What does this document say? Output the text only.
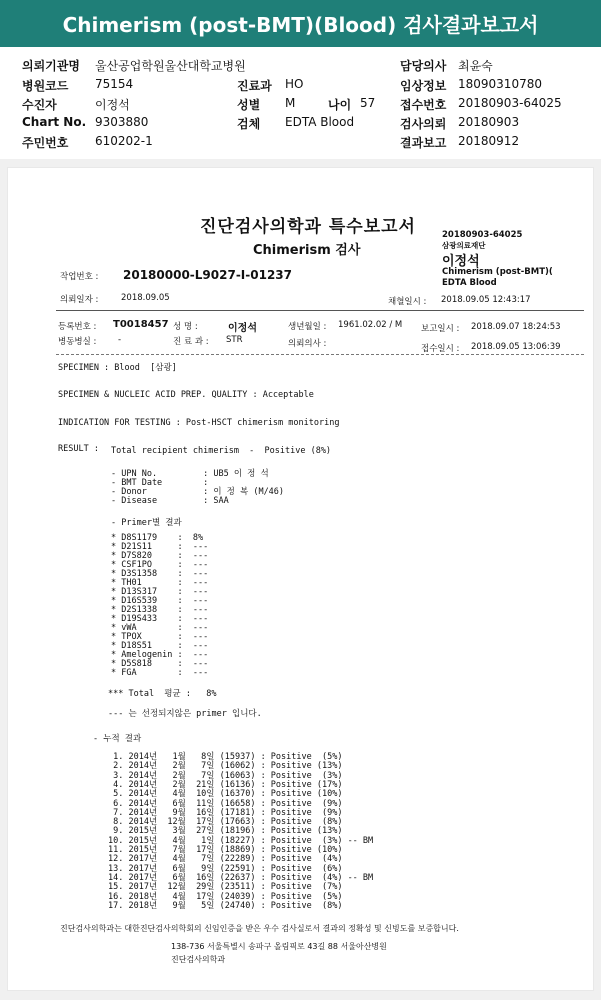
Chimerism (post-BMT)(Blood) 검사결과보고서
의뢰기관명 울산공업학원울산대학교병원
병원코드 75154
수진자	이정석
Chart No. 9303880
주민번호 610202-1
진료과 HO
성별 M	나이 57
검체 EDTA Blood
담당의사 최윤숙
임상정보 18090310780
접수번호 20180903-64025
검사의뢰 20180903
결과보고 20180912
진단검사의학과 특수보고서
Chimerism 검사
20180903-64025
삼광의료재단
이정석
Chimerism (post-BMT)(
EDTA Blood
작업번호 : 20180000-L9027-I-01237
의뢰일자 :	2018.09.05	채혈일시 : 2018.09.05 12:43:17
등록번호 : T0018457 성 명 :	이정석	생년월일 : 1961.02.02 / M 보고일시 : 2018.09.07 18:24:53
병동병실 :	-	진 료 과 : STR	의뢰의사 :	접수일시 : 2018.09.05 13:06:39
SPECIMEN : Blood  [삼광]
SPECIMEN & NUCLEIC ACID PREP. QUALITY : Acceptable
INDICATION FOR TESTING : Post-HSCT chimerism monitoring
RESULT : Total recipient chimerism  -  Positive (8%)
- UPN No.         : UB5 이 정 석
- BMT Date        :
- Donor           : 이 정 복 (M/46)
- Disease         : SAA
- Primer별 결과
* D8S1179    :  8%
* D21S11     :  ---
* D7S820     :  ---
* CSF1PO     :  ---
* D3S1358    :  ---
* TH01       :  ---
* D13S317    :  ---
* D16S539    :  ---
* D2S1338    :  ---
* D19S433    :  ---
* vWA        :  ---
* TPOX       :  ---
* D18S51     :  ---
* Amelogenin :  ---
* D5S818     :  ---
* FGA        :  ---
*** Total  평균 :   8%
--- 는 선정되지않은 primer 입니다.
- 누적 결과
1. 2014년   1월   8일 (15937) : Positive  (5%)
2. 2014년   2월   7일 (16062) : Positive (13%)
3. 2014년   2월   7일 (16063) : Positive  (3%)
4. 2014년   2월  21일 (16136) : Positive (17%)
5. 2014년   4월  10일 (16370) : Positive (10%)
6. 2014년   6월  11일 (16658) : Positive  (9%)
7. 2014년   9월  16일 (17181) : Positive  (9%)
8. 2014년  12월  17일 (17663) : Positive  (8%)
9. 2015년   3월  27일 (18196) : Positive (13%)
10. 2015년   4월   1일 (18227) : Positive  (3%) -- BM
11. 2015년   7월  17일 (18869) : Positive (10%)
12. 2017년   4월   7일 (22289) : Positive  (4%)
13. 2017년   6월   9일 (22591) : Positive  (6%)
14. 2017년   6월  16일 (22637) : Positive  (4%) -- BM
15. 2017년  12월  29일 (23511) : Positive  (7%)
16. 2018년   4월  17일 (24039) : Positive  (5%)
17. 2018년   9월   5일 (24740) : Positive  (8%)
진단검사의학과는 대한진단검사의학회의 신임인증을 받은 우수 검사실로서 결과의 정확성 및 신빙도를 보증합니다.
138-736 서울특별시 송파구 올림픽로 43길 88 서울아산병원
진단검사의학과
